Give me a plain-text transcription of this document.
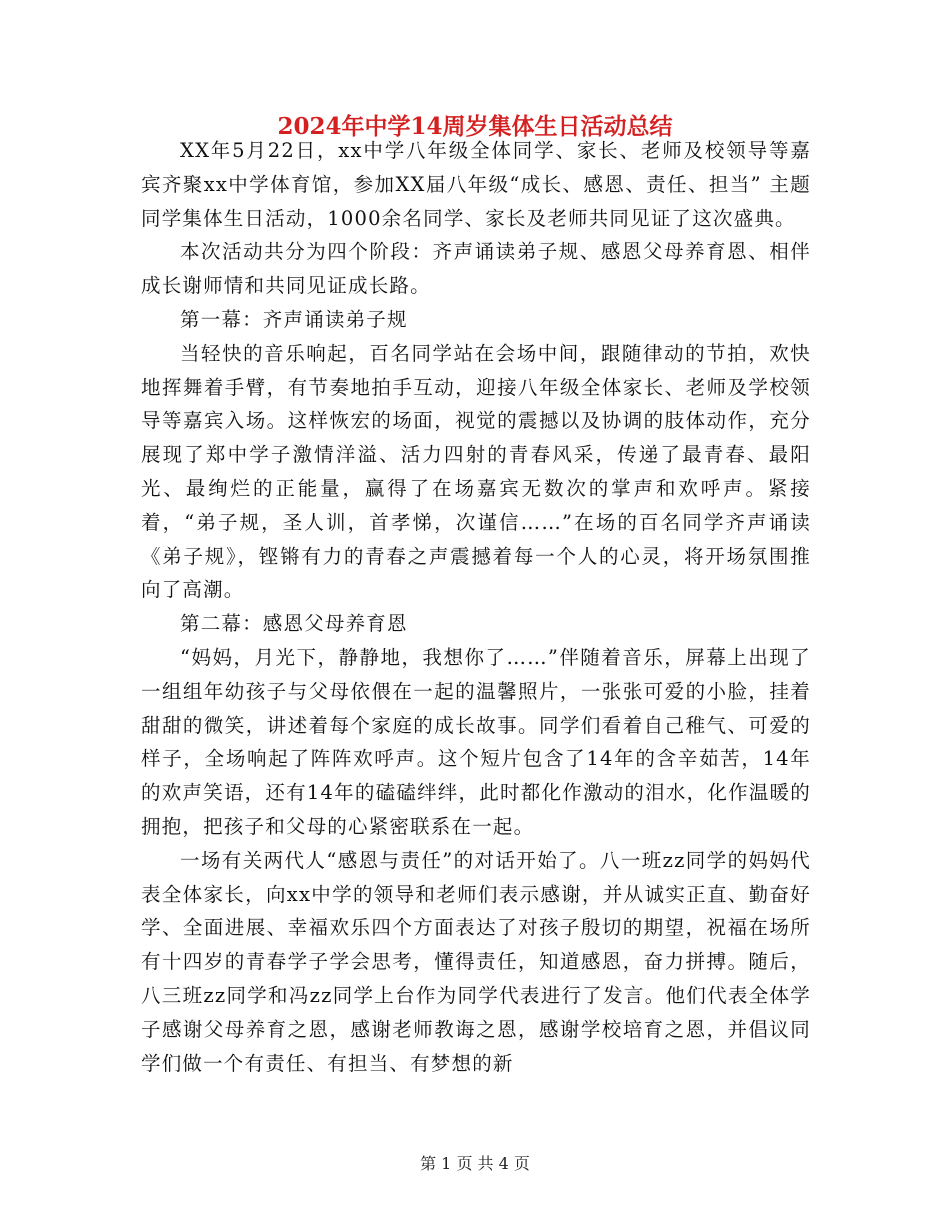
2024年中学14周岁集体生日活动总结

XX年5月22日，xx中学八年级全体同学、家长、老师及校领导等嘉宾齐聚xx中学体育馆，参加XX届八年级“成长、感恩、责任、担当” 主题同学集体生日活动，1000余名同学、家长及老师共同见证了这次盛典。

本次活动共分为四个阶段：齐声诵读弟子规、感恩父母养育恩、相伴成长谢师情和共同见证成长路。

第一幕：齐声诵读弟子规

当轻快的音乐响起，百名同学站在会场中间，跟随律动的节拍，欢快地挥舞着手臂，有节奏地拍手互动，迎接八年级全体家长、老师及学校领导等嘉宾入场。这样恢宏的场面，视觉的震撼以及协调的肢体动作，充分展现了郑中学子激情洋溢、活力四射的青春风采，传递了最青春、最阳光、最绚烂的正能量，赢得了在场嘉宾无数次的掌声和欢呼声。紧接着，“弟子规，圣人训，首孝悌，次谨信……”在场的百名同学齐声诵读《弟子规》，铿锵有力的青春之声震撼着每一个人的心灵，将开场氛围推向了高潮。

第二幕：感恩父母养育恩

“妈妈，月光下，静静地，我想你了……”伴随着音乐，屏幕上出现了一组组年幼孩子与父母依偎在一起的温馨照片，一张张可爱的小脸，挂着甜甜的微笑，讲述着每个家庭的成长故事。同学们看着自己稚气、可爱的样子，全场响起了阵阵欢呼声。这个短片包含了14年的含辛茹苦，14年的欢声笑语，还有14年的磕磕绊绊，此时都化作激动的泪水，化作温暖的拥抱，把孩子和父母的心紧密联系在一起。

一场有关两代人“感恩与责任”的对话开始了。八一班zz同学的妈妈代表全体家长，向xx中学的领导和老师们表示感谢，并从诚实正直、勤奋好学、全面进展、幸福欢乐四个方面表达了对孩子殷切的期望，祝福在场所有十四岁的青春学子学会思考，懂得责任，知道感恩，奋力拼搏。随后，八三班zz同学和冯zz同学上台作为同学代表进行了发言。他们代表全体学子感谢父母养育之恩，感谢老师教诲之恩，感谢学校培育之恩，并倡议同学们做一个有责任、有担当、有梦想的新

第 1 页 共 4 页
